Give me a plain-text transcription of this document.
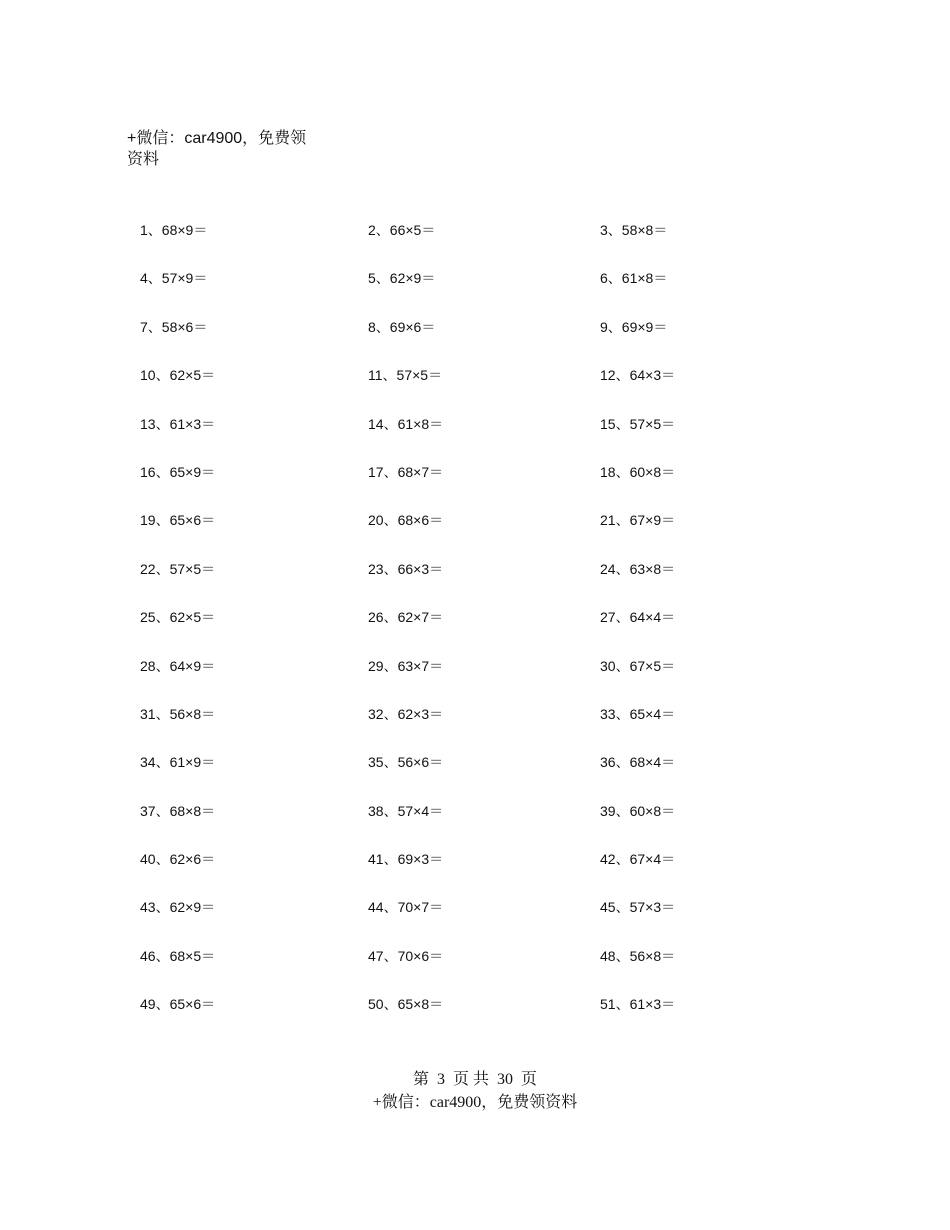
+微信：car4900，免费领
资料
1、68×9＝	2、66×5＝	3、58×8＝
4、57×9＝	5、62×9＝	6、61×8＝
7、58×6＝	8、69×6＝	9、69×9＝
10、62×5＝	11、57×5＝	12、64×3＝
13、61×3＝	14、61×8＝	15、57×5＝
16、65×9＝	17、68×7＝	18、60×8＝
19、65×6＝	20、68×6＝	21、67×9＝
22、57×5＝	23、66×3＝	24、63×8＝
25、62×5＝	26、62×7＝	27、64×4＝
28、64×9＝	29、63×7＝	30、67×5＝
31、56×8＝	32、62×3＝	33、65×4＝
34、61×9＝	35、56×6＝	36、68×4＝
37、68×8＝	38、57×4＝	39、60×8＝
40、62×6＝	41、69×3＝	42、67×4＝
43、62×9＝	44、70×7＝	45、57×3＝
46、68×5＝	47、70×6＝	48、56×8＝
49、65×6＝	50、65×8＝	51、61×3＝
第 3 页 共 30 页
+微信：car4900，免费领资料
